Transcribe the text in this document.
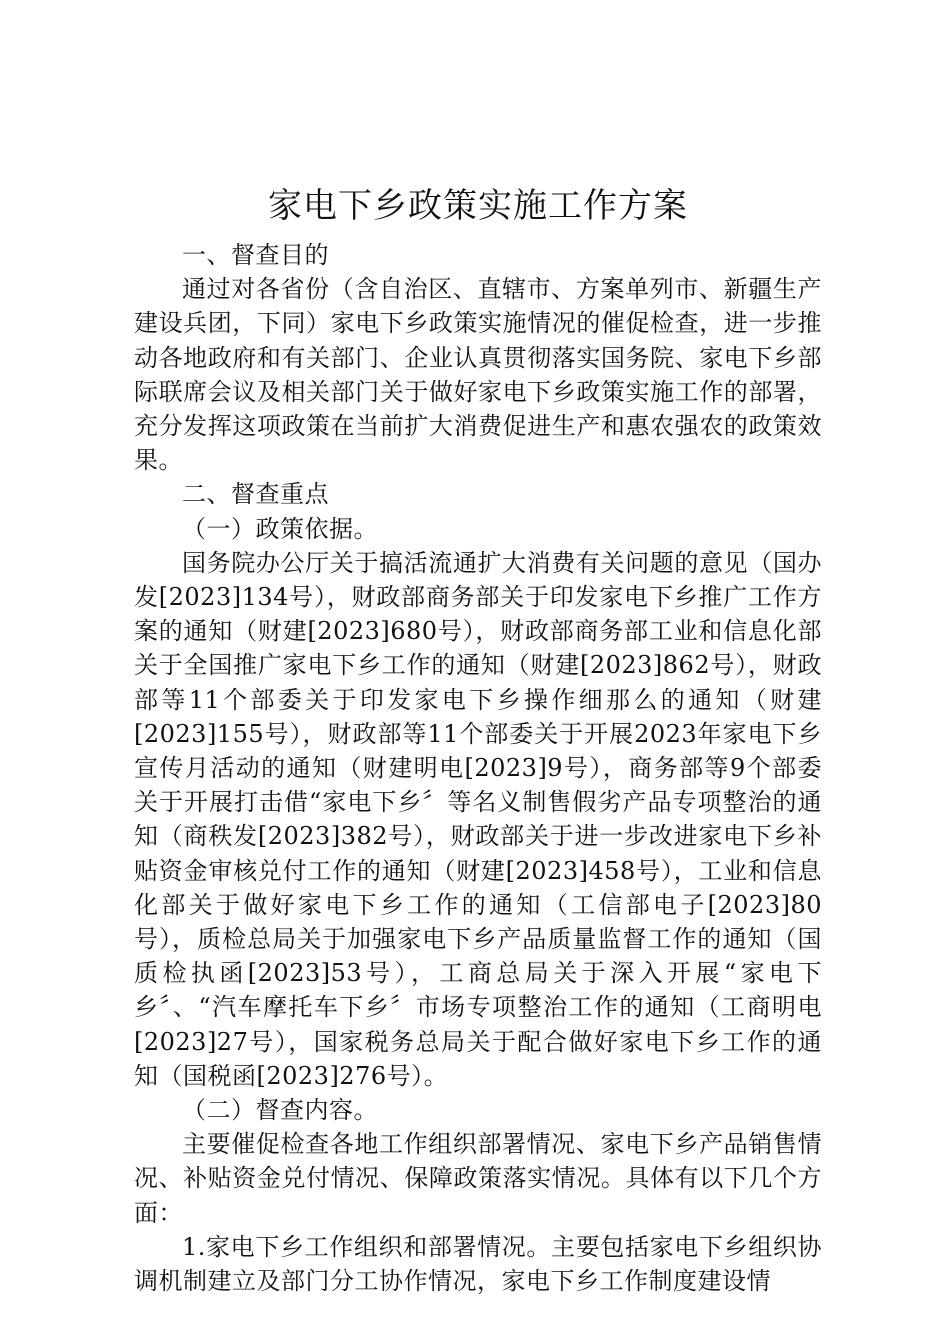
家电下乡政策实施工作方案

一、督查目的

通过对各省份（含自治区、直辖市、方案单列市、新疆生产建设兵团，下同）家电下乡政策实施情况的催促检查，进一步推动各地政府和有关部门、企业认真贯彻落实国务院、家电下乡部际联席会议及相关部门关于做好家电下乡政策实施工作的部署，充分发挥这项政策在当前扩大消费促进生产和惠农强农的政策效果。

二、督查重点

（一）政策依据。

国务院办公厅关于搞活流通扩大消费有关问题的意见（国办发[2023]134号），财政部商务部关于印发家电下乡推广工作方案的通知（财建[2023]680号），财政部商务部工业和信息化部关于全国推广家电下乡工作的通知（财建[2023]862号），财政部等11个部委关于印发家电下乡操作细那么的通知（财建[2023]155号），财政部等11个部委关于开展2023年家电下乡宣传月活动的通知（财建明电[2023]9号），商务部等9个部委关于开展打击借“家电下乡〞等名义制售假劣产品专项整治的通知（商秩发[2023]382号），财政部关于进一步改进家电下乡补贴资金审核兑付工作的通知（财建[2023]458号），工业和信息化部关于做好家电下乡工作的通知（工信部电子[2023]80号），质检总局关于加强家电下乡产品质量监督工作的通知（国质检执函[2023]53号），工商总局关于深入开展“家电下乡〞、“汽车摩托车下乡〞市场专项整治工作的通知（工商明电[2023]27号），国家税务总局关于配合做好家电下乡工作的通知（国税函[2023]276号）。

（二）督查内容。

主要催促检查各地工作组织部署情况、家电下乡产品销售情况、补贴资金兑付情况、保障政策落实情况。具体有以下几个方面：

1.家电下乡工作组织和部署情况。主要包括家电下乡组织协调机制建立及部门分工协作情况，家电下乡工作制度建设情
